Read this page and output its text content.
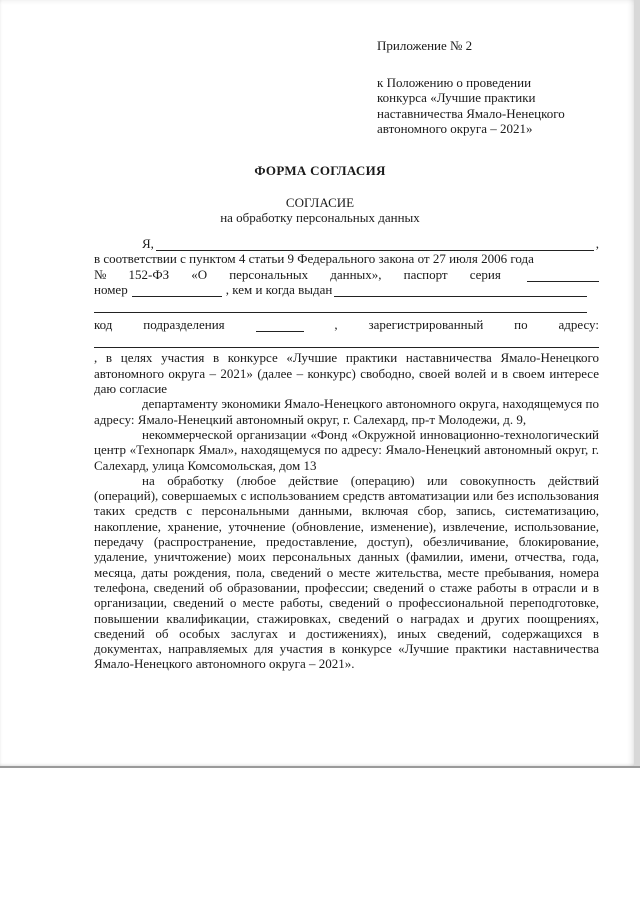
Приложение № 2
к Положению о проведении
конкурса «Лучшие практики
наставничества Ямало-Ненецкого
автономного округа – 2021»
ФОРМА СОГЛАСИЯ
СОГЛАСИЕ
на обработку персональных данных
Я,	,
в соответствии с пунктом 4 статьи 9 Федерального закона от 27 июля 2006 года
№ 152-ФЗ «О персональных данных», паспорт серия
номер	, кем и когда выдан
код подразделения	, зарегистрированный по адресу:

, в целях участия в конкурсе «Лучшие практики наставничества Ямало-Ненецкого автономного округа – 2021» (далее – конкурс) свободно, своей волей и в своем интересе даю согласие

департаменту экономики Ямало-Ненецкого автономного округа, находящемуся по адресу: Ямало-Ненецкий автономный округ, г. Салехард, пр-т Молодежи, д. 9,

некоммерческой организации «Фонд «Окружной инновационно-технологический центр «Технопарк Ямал», находящемуся по адресу: Ямало-Ненецкий автономный округ, г. Салехард, улица Комсомольская, дом 13

на обработку (любое действие (операцию) или совокупность действий (операций), совершаемых с использованием средств автоматизации или без использования таких средств с персональными данными, включая сбор, запись, систематизацию, накопление, хранение, уточнение (обновление, изменение), извлечение, использование, передачу (распространение, предоставление, доступ), обезличивание, блокирование, удаление, уничтожение) моих персональных данных (фамилии, имени, отчества, года, месяца, даты рождения, пола, сведений о месте жительства, месте пребывания, номера телефона, сведений об образовании, профессии; сведений о стаже работы в отрасли и в организации, сведений о месте работы, сведений о профессиональной переподготовке, повышении квалификации, стажировках, сведений о наградах и других поощрениях, сведений об особых заслугах и достижениях), иных сведений, содержащихся в документах, направляемых для участия в конкурсе «Лучшие практики наставничества Ямало-Ненецкого автономного округа – 2021».
